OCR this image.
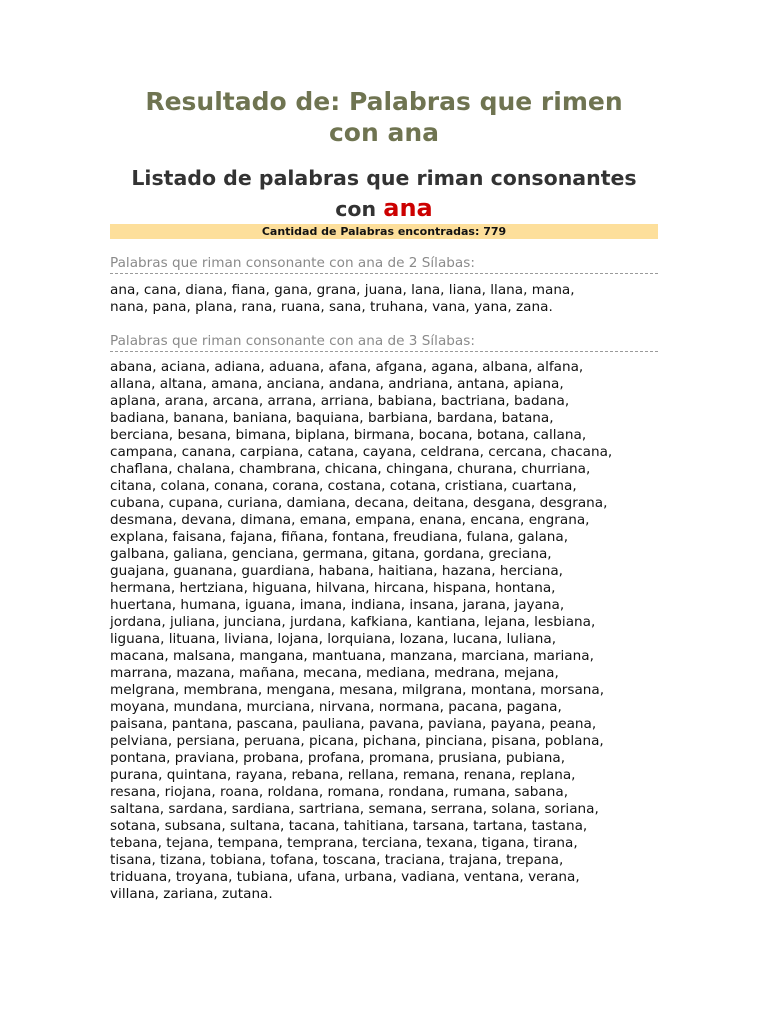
Resultado de: Palabras que rimen
con ana
Listado de palabras que riman consonantes
con ana
Cantidad de Palabras encontradas: 779
Palabras que riman consonante con ana de 2 Sílabas:
ana, cana, diana, fiana, gana, grana, juana, lana, liana, llana, mana,
nana, pana, plana, rana, ruana, sana, truhana, vana, yana, zana.
Palabras que riman consonante con ana de 3 Sílabas:
abana, aciana, adiana, aduana, afana, afgana, agana, albana, alfana,
allana, altana, amana, anciana, andana, andriana, antana, apiana,
aplana, arana, arcana, arrana, arriana, babiana, bactriana, badana,
badiana, banana, baniana, baquiana, barbiana, bardana, batana,
berciana, besana, bimana, biplana, birmana, bocana, botana, callana,
campana, canana, carpiana, catana, cayana, celdrana, cercana, chacana,
chaflana, chalana, chambrana, chicana, chingana, churana, churriana,
citana, colana, conana, corana, costana, cotana, cristiana, cuartana,
cubana, cupana, curiana, damiana, decana, deitana, desgana, desgrana,
desmana, devana, dimana, emana, empana, enana, encana, engrana,
explana, faisana, fajana, fiñana, fontana, freudiana, fulana, galana,
galbana, galiana, genciana, germana, gitana, gordana, greciana,
guajana, guanana, guardiana, habana, haitiana, hazana, herciana,
hermana, hertziana, higuana, hilvana, hircana, hispana, hontana,
huertana, humana, iguana, imana, indiana, insana, jarana, jayana,
jordana, juliana, junciana, jurdana, kafkiana, kantiana, lejana, lesbiana,
liguana, lituana, liviana, lojana, lorquiana, lozana, lucana, luliana,
macana, malsana, mangana, mantuana, manzana, marciana, mariana,
marrana, mazana, mañana, mecana, mediana, medrana, mejana,
melgrana, membrana, mengana, mesana, milgrana, montana, morsana,
moyana, mundana, murciana, nirvana, normana, pacana, pagana,
paisana, pantana, pascana, pauliana, pavana, paviana, payana, peana,
pelviana, persiana, peruana, picana, pichana, pinciana, pisana, poblana,
pontana, praviana, probana, profana, promana, prusiana, pubiana,
purana, quintana, rayana, rebana, rellana, remana, renana, replana,
resana, riojana, roana, roldana, romana, rondana, rumana, sabana,
saltana, sardana, sardiana, sartriana, semana, serrana, solana, soriana,
sotana, subsana, sultana, tacana, tahitiana, tarsana, tartana, tastana,
tebana, tejana, tempana, temprana, terciana, texana, tigana, tirana,
tisana, tizana, tobiana, tofana, toscana, traciana, trajana, trepana,
triduana, troyana, tubiana, ufana, urbana, vadiana, ventana, verana,
villana, zariana, zutana.
